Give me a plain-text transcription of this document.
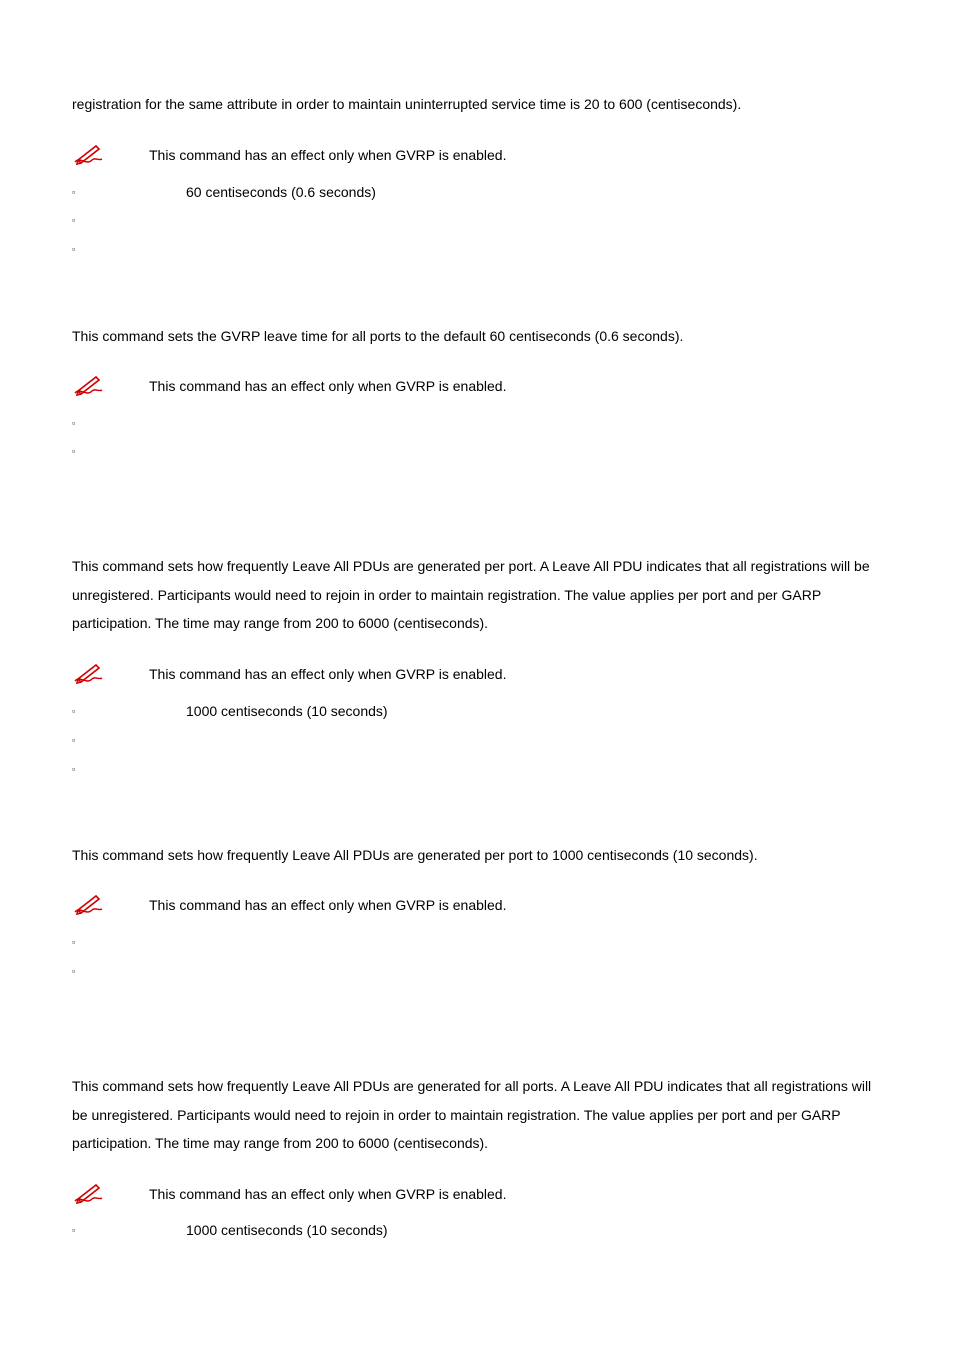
registration for the same attribute in order to maintain uninterrupted service time is 20 to 600 (centiseconds).

This command has an effect only when GVRP is enabled.
▫	60 centiseconds (0.6 seconds)
▫
▫

This command sets the GVRP leave time for all ports to the default 60 centiseconds (0.6 seconds).

This command has an effect only when GVRP is enabled.
▫
▫

This command sets how frequently Leave All PDUs are generated per port. A Leave All PDU indicates that all registrations will be unregistered. Participants would need to rejoin in order to maintain registration. The value applies per port and per GARP participation. The time may range from 200 to 6000 (centiseconds).

This command has an effect only when GVRP is enabled.
▫	1000 centiseconds (10 seconds)
▫
▫

This command sets how frequently Leave All PDUs are generated per port to 1000 centiseconds (10 seconds).

This command has an effect only when GVRP is enabled.
▫
▫

This command sets how frequently Leave All PDUs are generated for all ports. A Leave All PDU indicates that all registrations will be unregistered. Participants would need to rejoin in order to maintain registration. The value applies per port and per GARP participation. The time may range from 200 to 6000 (centiseconds).

This command has an effect only when GVRP is enabled.
▫	1000 centiseconds (10 seconds)
